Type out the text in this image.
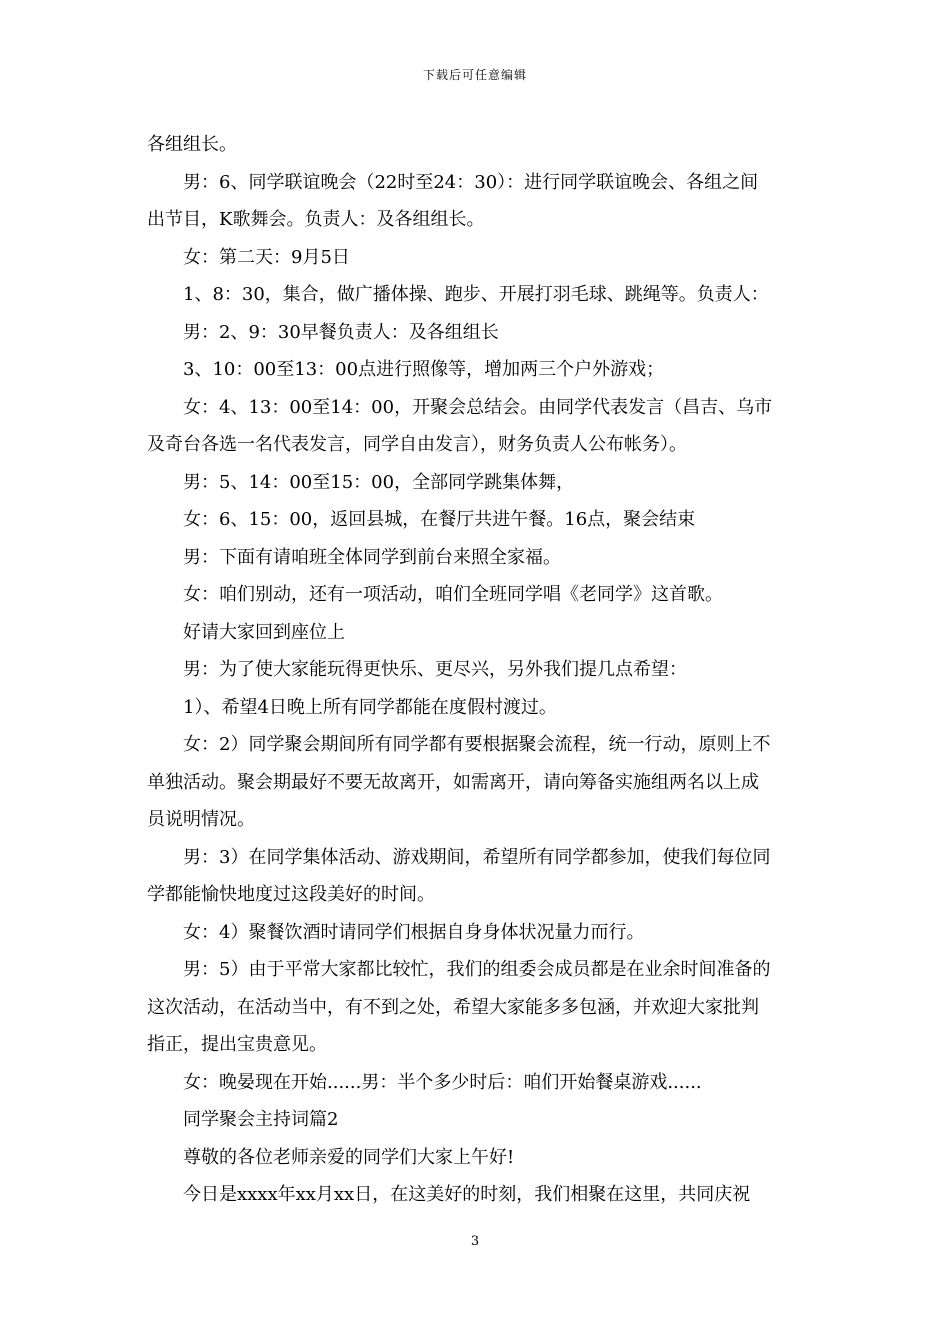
下载后可任意编辑
各组组长。
男：6、同学联谊晚会（22时至24：30）：进行同学联谊晚会、各组之间
出节目，K歌舞会。负责人：及各组组长。
女：第二天：9月5日
1、8：30，集合，做广播体操、跑步、开展打羽毛球、跳绳等。负责人：
男：2、9：30早餐负责人：及各组组长
3、10：00至13：00点进行照像等，增加两三个户外游戏；
女：4、13：00至14：00，开聚会总结会。由同学代表发言（昌吉、乌市
及奇台各选一名代表发言，同学自由发言），财务负责人公布帐务）。
男：5、14：00至15：00，全部同学跳集体舞，
女：6、15：00，返回县城，在餐厅共进午餐。16点，聚会结束
男：下面有请咱班全体同学到前台来照全家福。
女：咱们别动，还有一项活动，咱们全班同学唱《老同学》这首歌。
好请大家回到座位上
男：为了使大家能玩得更快乐、更尽兴，另外我们提几点希望：
1）、希望4日晚上所有同学都能在度假村渡过。
女：2）同学聚会期间所有同学都有要根据聚会流程，统一行动，原则上不
单独活动。聚会期最好不要无故离开，如需离开，请向筹备实施组两名以上成
员说明情况。
男：3）在同学集体活动、游戏期间，希望所有同学都参加，使我们每位同
学都能愉快地度过这段美好的时间。
女：4）聚餐饮酒时请同学们根据自身身体状况量力而行。
男：5）由于平常大家都比较忙，我们的组委会成员都是在业余时间准备的
这次活动，在活动当中，有不到之处，希望大家能多多包涵，并欢迎大家批判
指正，提出宝贵意见。
女：晚晏现在开始......男：半个多少时后：咱们开始餐桌游戏......
同学聚会主持词篇2
尊敬的各位老师亲爱的同学们大家上午好!
今日是xxxx年xx月xx日，在这美好的时刻，我们相聚在这里，共同庆祝
3
